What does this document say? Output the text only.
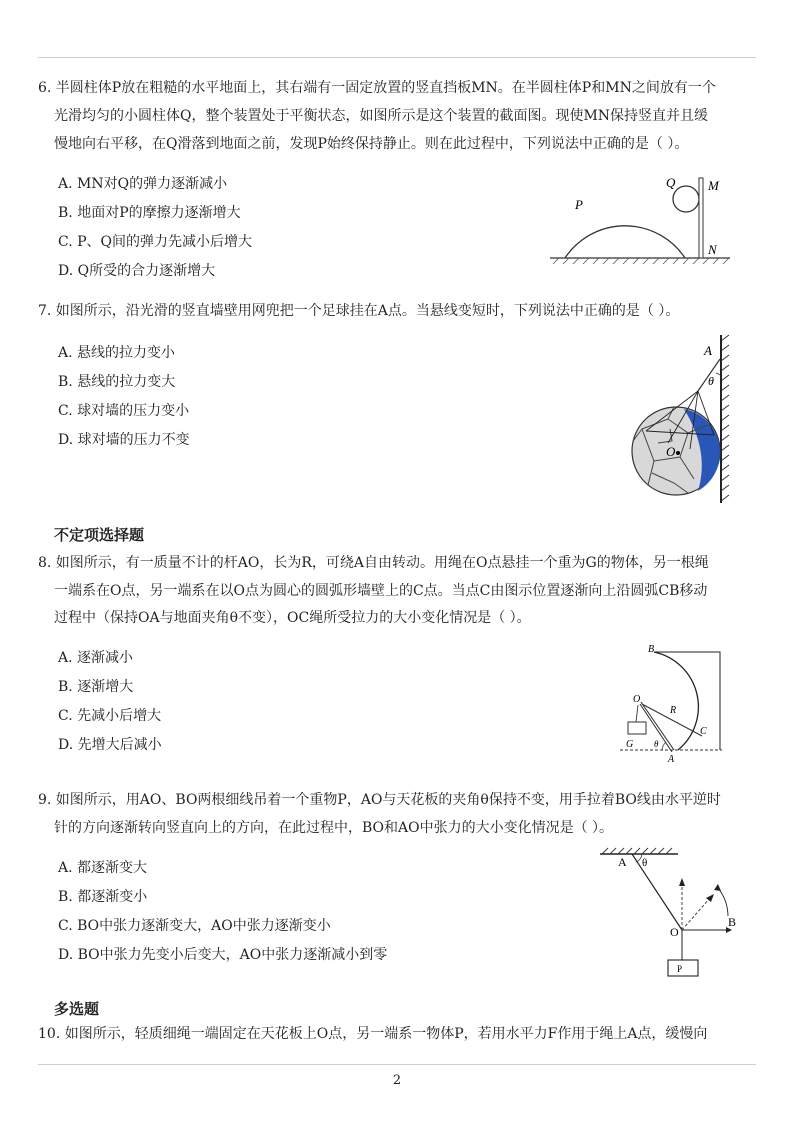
6. 半圆柱体P放在粗糙的水平地面上，其右端有一固定放置的竖直挡板MN。在半圆柱体P和MN之间放有一个
光滑均匀的小圆柱体Q，整个装置处于平衡状态，如图所示是这个装置的截面图。现使MN保持竖直并且缓
慢地向右平移，在Q滑落到地面之前，发现P始终保持静止。则在此过程中，下列说法中正确的是（ ）。
A. MN对Q的弹力逐渐减小
B. 地面对P的摩擦力逐渐增大
C. P、Q间的弹力先减小后增大
D. Q所受的合力逐渐增大
P
Q	M
N
7. 如图所示，沿光滑的竖直墙壁用网兜把一个足球挂在A点。当悬线变短时，下列说法中正确的是（ ）。
A. 悬线的拉力变小
B. 悬线的拉力变大
C. 球对墙的压力变小
D. 球对墙的压力不变
A
θ
O
不定项选择题
8. 如图所示，有一质量不计的杆AO，长为R，可绕A自由转动。用绳在O点悬挂一个重为G的物体，另一根绳
一端系在O点，另一端系在以O点为圆心的圆弧形墙壁上的C点。当点C由图示位置逐渐向上沿圆弧CB移动
过程中（保持OA与地面夹角θ不变），OC绳所受拉力的大小变化情况是（ ）。
A. 逐渐减小
B. 逐渐增大
C. 先减小后增大
D. 先增大后减小
B
O
R
C
G θ
A
9. 如图所示，用AO、BO两根细线吊着一个重物P，AO与天花板的夹角θ保持不变，用手拉着BO线由水平逆时
针的方向逐渐转向竖直向上的方向，在此过程中，BO和AO中张力的大小变化情况是（ ）。
A. 都逐渐变大
B. 都逐渐变小
C. BO中张力逐渐变大，AO中张力逐渐变小
D. BO中张力先变小后变大，AO中张力逐渐减小到零
A θ
O
B
P
多选题
10. 如图所示，轻质细绳一端固定在天花板上O点，另一端系一物体P，若用水平力F作用于绳上A点，缓慢向
2
